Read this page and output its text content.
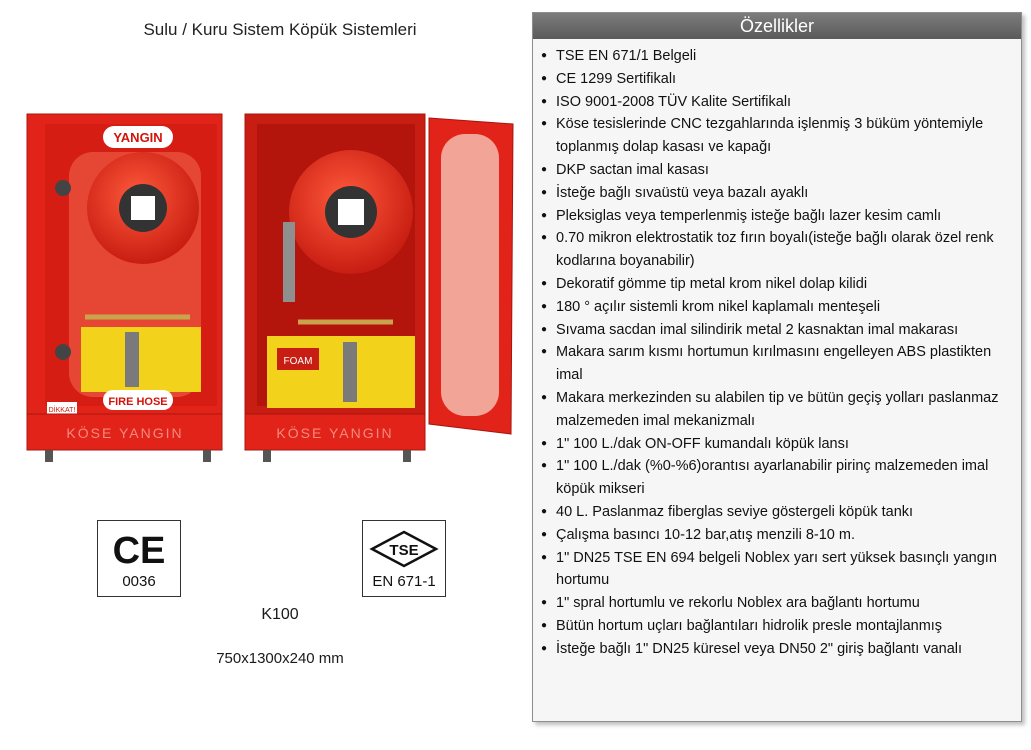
Sulu / Kuru Sistem Köpük Sistemleri
YANGIN
FIRE HOSE
DİKKAT!
KÖSE YANGIN
FOAM
KÖSE YANGIN
CE
0036
TSE
EN 671-1
K100
750x1300x240 mm
Özellikler
● TSE EN 671/1 Belgeli
● CE 1299 Sertifikalı
● ISO 9001-2008 TÜV Kalite Sertifikalı
● Köse tesislerinde CNC tezgahlarında işlenmiş 3 büküm yöntemiyle toplanmış dolap kasası ve kapağı
● DKP sactan imal kasası
● İsteğe bağlı sıvaüstü veya bazalı ayaklı
● Pleksiglas veya temperlenmiş isteğe bağlı lazer kesim camlı
● 0.70 mikron elektrostatik toz fırın boyalı(isteğe bağlı olarak özel renk kodlarına boyanabilir)
● Dekoratif gömme tip metal krom nikel dolap kilidi
● 180 ° açılır sistemli krom nikel kaplamalı menteşeli
● Sıvama sacdan imal silindirik metal 2 kasnaktan imal makarası
● Makara sarım kısmı hortumun kırılmasını engelleyen ABS plastikten imal
● Makara merkezinden su alabilen tip ve bütün geçiş yolları paslanmaz malzemeden imal mekanizmalı
● 1" 100 L./dak ON-OFF kumandalı köpük lansı
● 1" 100 L./dak (%0-%6)orantısı ayarlanabilir pirinç malzemeden imal köpük mikseri
● 40 L. Paslanmaz fiberglas seviye göstergeli köpük tankı
● Çalışma basıncı 10-12 bar,atış menzili 8-10 m.
● 1" DN25 TSE EN 694 belgeli Noblex yarı sert yüksek basınçlı yangın hortumu
● 1" spral hortumlu ve rekorlu Noblex ara bağlantı hortumu
● Bütün hortum uçları bağlantıları hidrolik presle montajlanmış
● İsteğe bağlı 1" DN25 küresel veya DN50 2" giriş bağlantı vanalı
